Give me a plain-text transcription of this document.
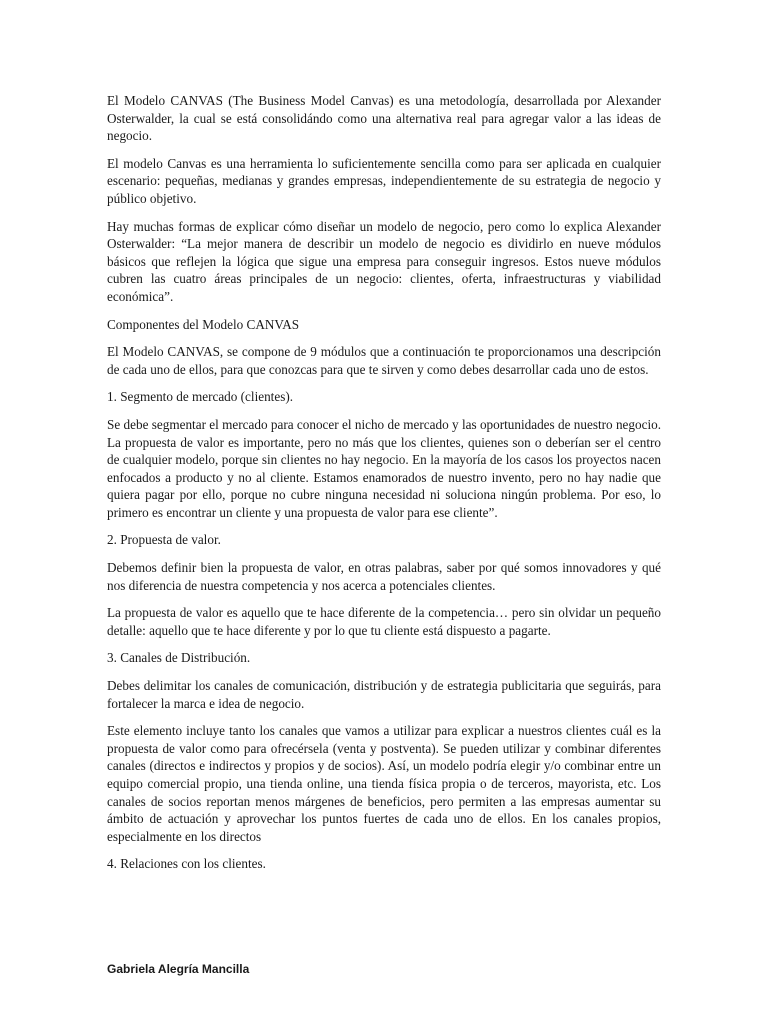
El Modelo CANVAS (The Business Model Canvas) es una metodología, desarrollada por Alexander Osterwalder, la cual se está consolidándo como una alternativa real para agregar valor a las ideas de negocio.

El modelo Canvas es una herramienta lo suficientemente sencilla como para ser aplicada en cualquier escenario: pequeñas, medianas y grandes empresas, independientemente de su estrategia de negocio y público objetivo.

Hay muchas formas de explicar cómo diseñar un modelo de negocio, pero como lo explica Alexander Osterwalder: “La mejor manera de describir un modelo de negocio es dividirlo en nueve módulos básicos que reflejen la lógica que sigue una empresa para conseguir ingresos. Estos nueve módulos cubren las cuatro áreas principales de un negocio: clientes, oferta, infraestructuras y viabilidad económica”.

Componentes del Modelo CANVAS

El Modelo CANVAS, se compone de 9 módulos que a continuación te proporcionamos una descripción de cada uno de ellos, para que conozcas para que te sirven y como debes desarrollar cada uno de estos.

1. Segmento de mercado (clientes).

Se debe segmentar el mercado para conocer el nicho de mercado y las oportunidades de nuestro negocio. La propuesta de valor es importante, pero no más que los clientes, quienes son o deberían ser el centro de cualquier modelo, porque sin clientes no hay negocio. En la mayoría de los casos los proyectos nacen enfocados a producto y no al cliente. Estamos enamorados de nuestro invento, pero no hay nadie que quiera pagar por ello, porque no cubre ninguna necesidad ni soluciona ningún problema. Por eso, lo primero es encontrar un cliente y una propuesta de valor para ese cliente”.

2. Propuesta de valor.

Debemos definir bien la propuesta de valor, en otras palabras, saber por qué somos innovadores y qué nos diferencia de nuestra competencia y nos acerca a potenciales clientes.

La propuesta de valor es aquello que te hace diferente de la competencia… pero sin olvidar un pequeño detalle: aquello que te hace diferente y por lo que tu cliente está dispuesto a pagarte.

3. Canales de Distribución.

Debes delimitar los canales de comunicación, distribución y de estrategia publicitaria que seguirás, para fortalecer la marca e idea de negocio.

Este elemento incluye tanto los canales que vamos a utilizar para explicar a nuestros clientes cuál es la propuesta de valor como para ofrecérsela (venta y postventa). Se pueden utilizar y combinar diferentes canales (directos e indirectos y propios y de socios). Así, un modelo podría elegir y/o combinar entre un equipo comercial propio, una tienda online, una tienda física propia o de terceros, mayorista, etc. Los canales de socios reportan menos márgenes de beneficios, pero permiten a las empresas aumentar su ámbito de actuación y aprovechar los puntos fuertes de cada uno de ellos. En los canales propios, especialmente en los directos

4. Relaciones con los clientes.

Gabriela Alegría Mancilla
